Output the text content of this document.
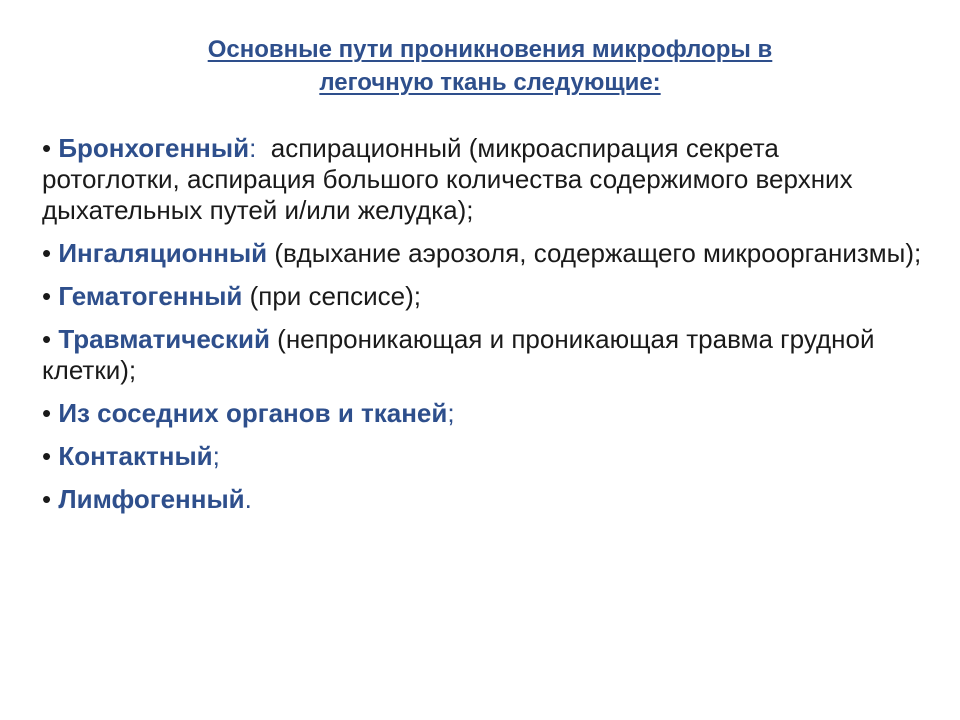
Основные пути проникновения микрофлоры в
легочную ткань следующие:
• Бронхогенный:  аспирационный (микроаспирация секрета ротоглотки, аспирация большого количества содержимого верхних дыхательных путей и/или желудка);
• Ингаляционный (вдыхание аэрозоля, содержащего микроорганизмы);
• Гематогенный (при сепсисе);
• Травматический (непроникающая и проникающая травма грудной клетки);
• Из соседних органов и тканей;
• Контактный;
• Лимфогенный.
